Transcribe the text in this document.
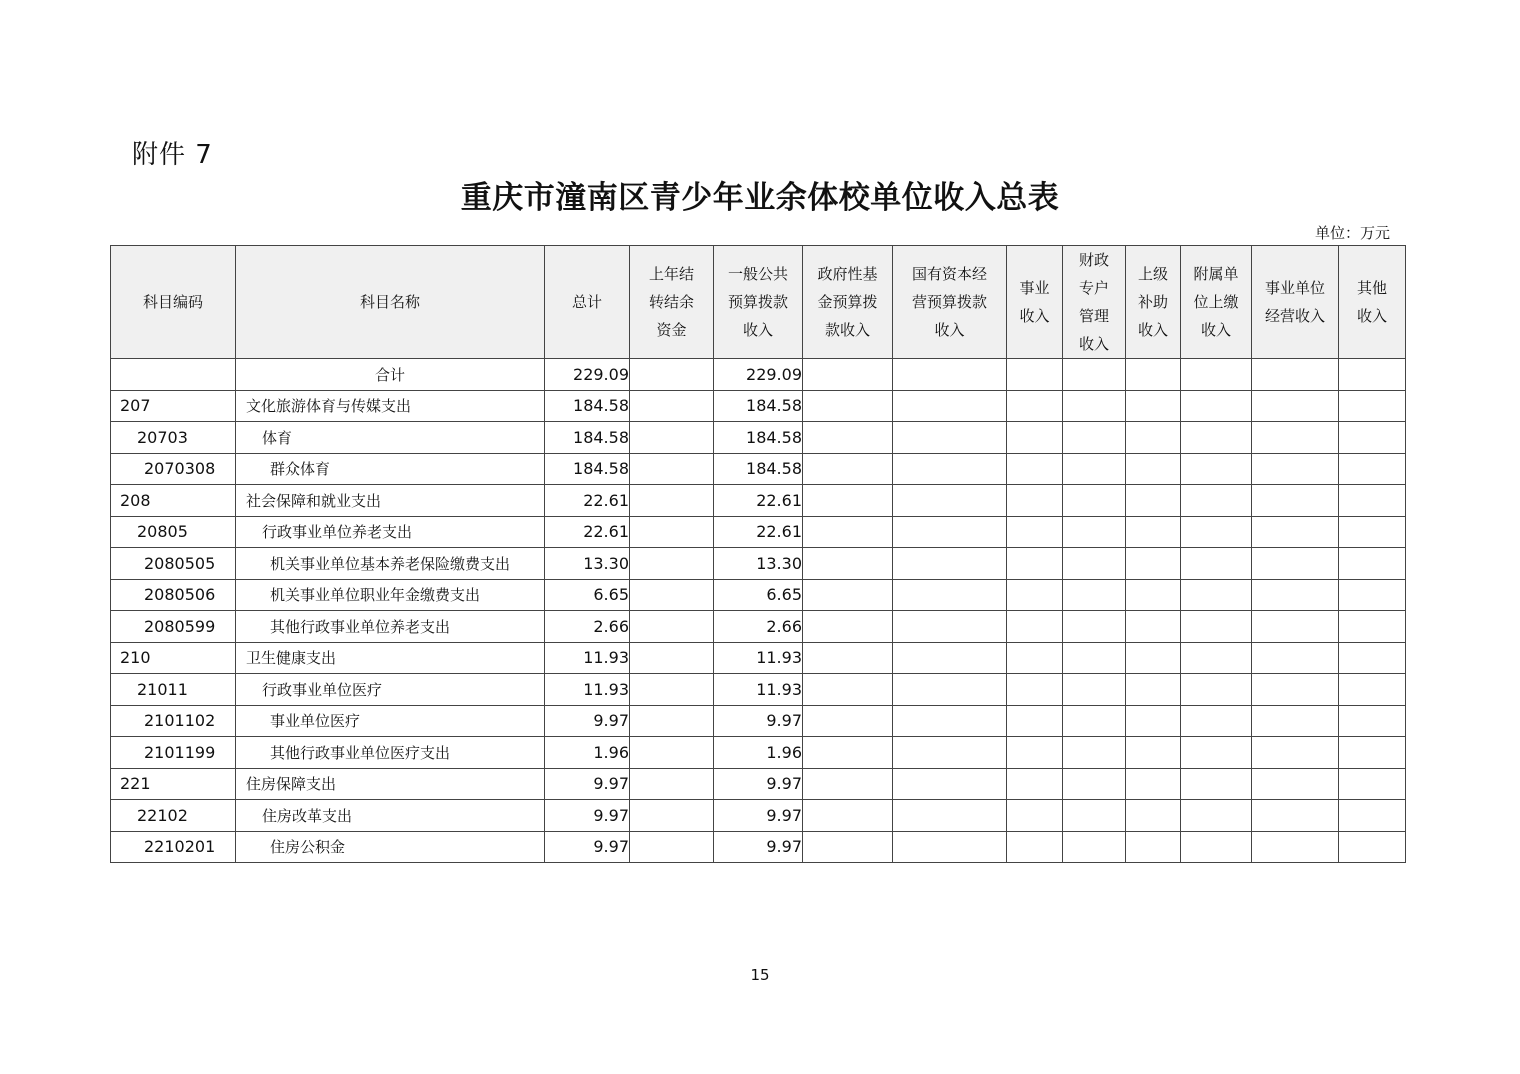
附件 7
重庆市潼南区青少年业余体校单位收入总表
单位：万元
科目编码	科目名称	总计	上年结
转结余
资金	一般公共
预算拨款
收入	政府性基
金预算拨
款收入	国有资本经
营预算拨款
收入	事业
收入	财政
专户
管理
收入	上级
补助
收入	附属单
位上缴
收入	事业单位
经营收入	其他
收入
	合计	229.09		229.09								
207	文化旅游体育与传媒支出	184.58		184.58								
20703	体育	184.58		184.58								
2070308	群众体育	184.58		184.58								
208	社会保障和就业支出	22.61		22.61								
20805	行政事业单位养老支出	22.61		22.61								
2080505	机关事业单位基本养老保险缴费支出	13.30		13.30								
2080506	机关事业单位职业年金缴费支出	6.65		6.65								
2080599	其他行政事业单位养老支出	2.66		2.66								
210	卫生健康支出	11.93		11.93								
21011	行政事业单位医疗	11.93		11.93								
2101102	事业单位医疗	9.97		9.97								
2101199	其他行政事业单位医疗支出	1.96		1.96								
221	住房保障支出	9.97		9.97								
22102	住房改革支出	9.97		9.97								
2210201	住房公积金	9.97		9.97								
15
